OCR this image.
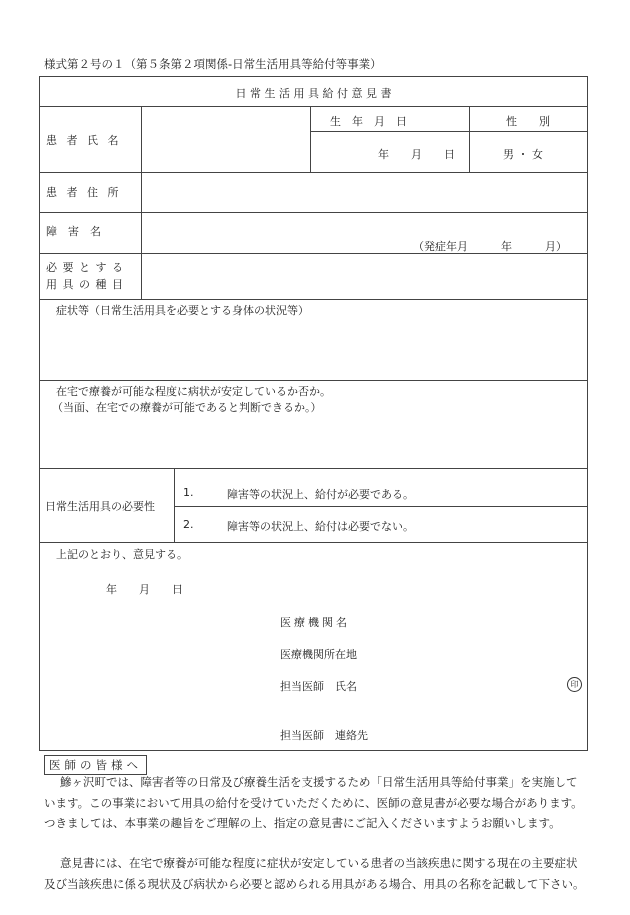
様式第２号の１（第５条第２項関係-日常生活用具等給付等事業）
日 常 生 活 用 具 給 付 意 見 書
患 者 氏 名
生　年　月　日
年　　月　　日
性　　別
男 ・ 女
患 者 住 所
障　害　名
（発症年月　　　年　　　月）
必 要 と す る
用 具 の 種 目
症状等（日常生活用具を必要とする身体の状況等）
在宅で療養が可能な程度に病状が安定しているか否か。
（当面、在宅での療養が可能であると判断できるか。）
日常生活用具の必要性
1.	障害等の状況上、給付が必要である。
2.	障害等の状況上、給付は必要でない。
上記のとおり、意見する。
年　　月　　日
医療機関名
医療機関所在地
担当医師　氏名
担当医師　連絡先
印
医師の皆様へ
鰺ヶ沢町では、障害者等の日常及び療養生活を支援するため「日常生活用具等給付事業」を実施しています。この事業において用具の給付を受けていただくために、医師の意見書が必要な場合があります。つきましては、本事業の趣旨をご理解の上、指定の意見書にご記入くださいますようお願いします。
意見書には、在宅で療養が可能な程度に症状が安定している患者の当該疾患に関する現在の主要症状及び当該疾患に係る現状及び病状から必要と認められる用具がある場合、用具の名称を記載して下さい。
